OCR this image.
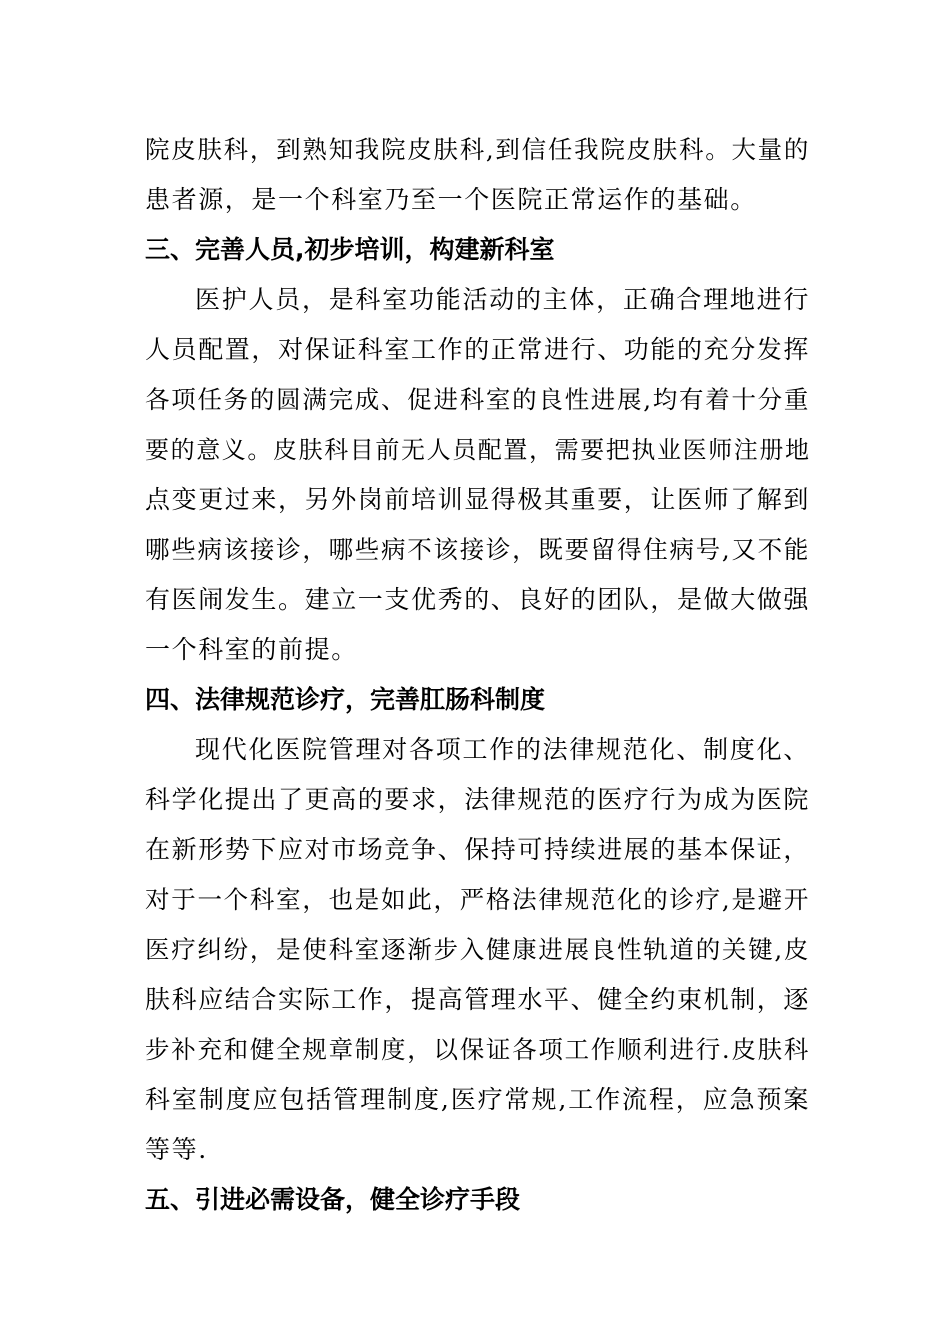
院皮肤科，到熟知我院皮肤科,到信任我院皮肤科。大量的
患者源，是一个科室乃至一个医院正常运作的基础。
三、完善人员,初步培训，构建新科室
医护人员，是科室功能活动的主体，正确合理地进行
人员配置，对保证科室工作的正常进行、功能的充分发挥
各项任务的圆满完成、促进科室的良性进展,均有着十分重
要的意义。皮肤科目前无人员配置，需要把执业医师注册地
点变更过来，另外岗前培训显得极其重要，让医师了解到
哪些病该接诊，哪些病不该接诊，既要留得住病号,又不能
有医闹发生。建立一支优秀的、良好的团队，是做大做强
一个科室的前提。
四、法律规范诊疗，完善肛肠科制度
现代化医院管理对各项工作的法律规范化、制度化、
科学化提出了更高的要求，法律规范的医疗行为成为医院
在新形势下应对市场竞争、保持可持续进展的基本保证，
对于一个科室，也是如此，严格法律规范化的诊疗,是避开
医疗纠纷，是使科室逐渐步入健康进展良性轨道的关键,皮
肤科应结合实际工作，提高管理水平、健全约束机制，逐
步补充和健全规章制度，以保证各项工作顺利进行.皮肤科
科室制度应包括管理制度,医疗常规,工作流程，应急预案
等等.
五、引进必需设备，健全诊疗手段
